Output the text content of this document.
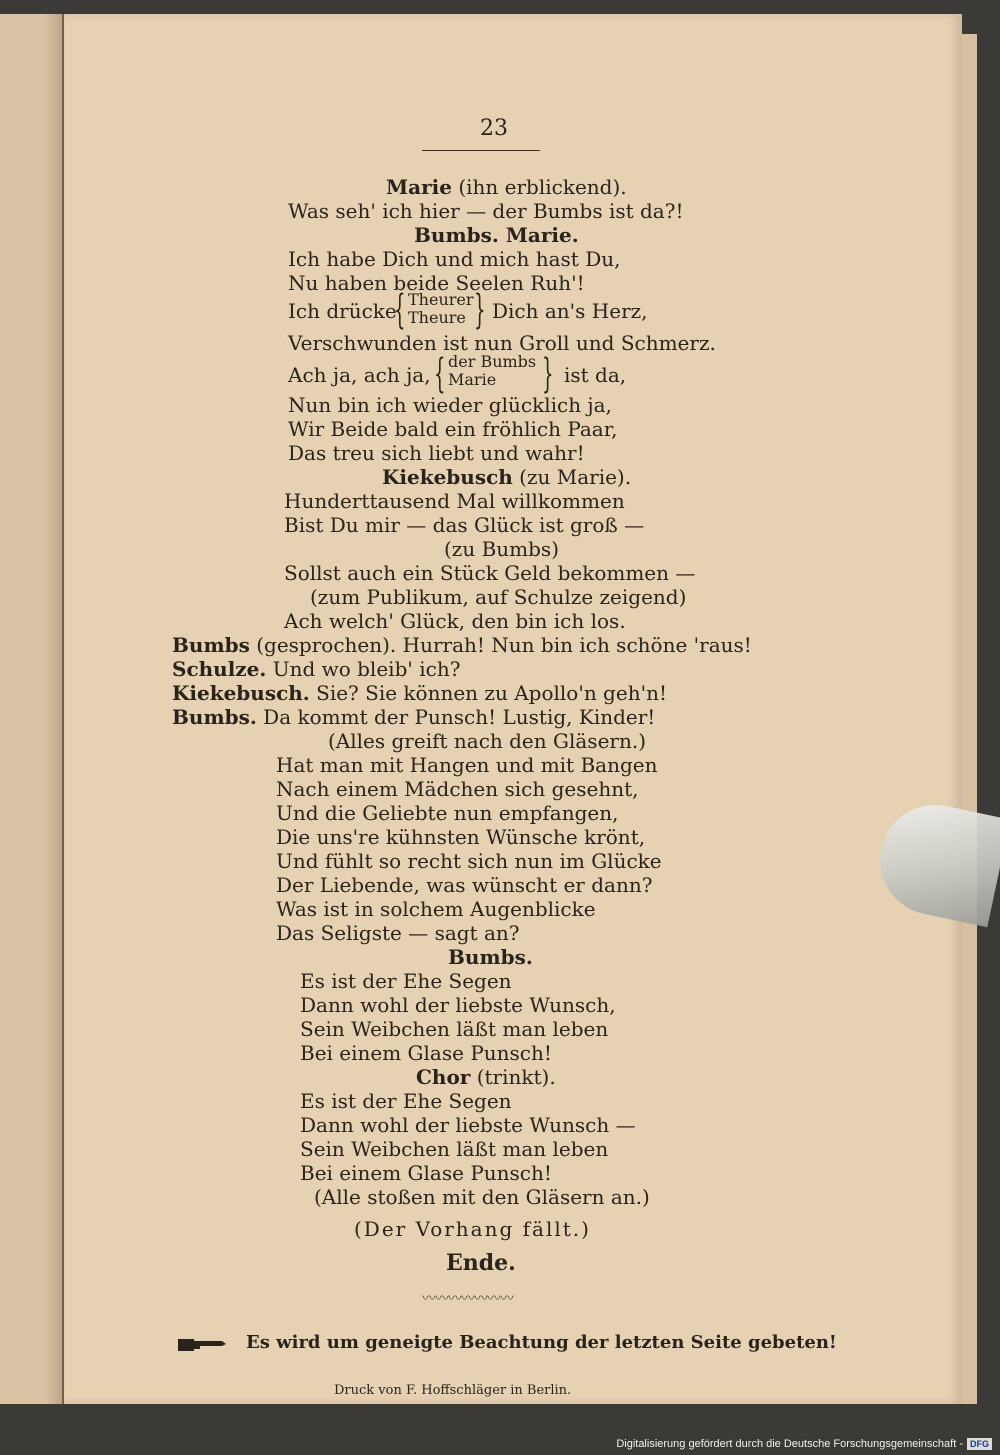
23
Marie (ihn erblickend).
Was seh' ich hier — der Bumbs ist da?!
Bumbs. Marie.
Ich habe Dich und mich hast Du,
Nu haben beide Seelen Ruh'!
Ich drücke
{ Theurer
Theure } Dich an's Herz,
Verschwunden ist nun Groll und Schmerz.
Ach ja, ach ja, { der Bumbs
Marie } ist da,
Nun bin ich wieder glücklich ja,
Wir Beide bald ein fröhlich Paar,
Das treu sich liebt und wahr!
Kiekebusch (zu Marie).
Hunderttausend Mal willkommen
Bist Du mir — das Glück ist groß —
(zu Bumbs)
Sollst auch ein Stück Geld bekommen —
(zum Publikum, auf Schulze zeigend)
Ach welch' Glück, den bin ich los.
Bumbs (gesprochen). Hurrah! Nun bin ich schöne 'raus!
Schulze. Und wo bleib' ich?
Kiekebusch. Sie? Sie können zu Apollo'n geh'n!
Bumbs. Da kommt der Punsch! Lustig, Kinder!
(Alles greift nach den Gläsern.)
Hat man mit Hangen und mit Bangen
Nach einem Mädchen sich gesehnt,
Und die Geliebte nun empfangen,
Die uns're kühnsten Wünsche krönt,
Und fühlt so recht sich nun im Glücke
Der Liebende, was wünscht er dann?
Was ist in solchem Augenblicke
Das Seligste — sagt an?
Bumbs.
Es ist der Ehe Segen
Dann wohl der liebste Wunsch,
Sein Weibchen läßt man leben
Bei einem Glase Punsch!
Chor (trinkt).
Es ist der Ehe Segen
Dann wohl der liebste Wunsch —
Sein Weibchen läßt man leben
Bei einem Glase Punsch!
(Alle stoßen mit den Gläsern an.)
(Der Vorhang fällt.)
Ende.
〰〰〰〰〰〰〰
Es wird um geneigte Beachtung der letzten Seite gebeten!
Druck von F. Hoffschläger in Berlin.
Digitalisierung gefördert durch die Deutsche Forschungsgemeinschaft - DFG
